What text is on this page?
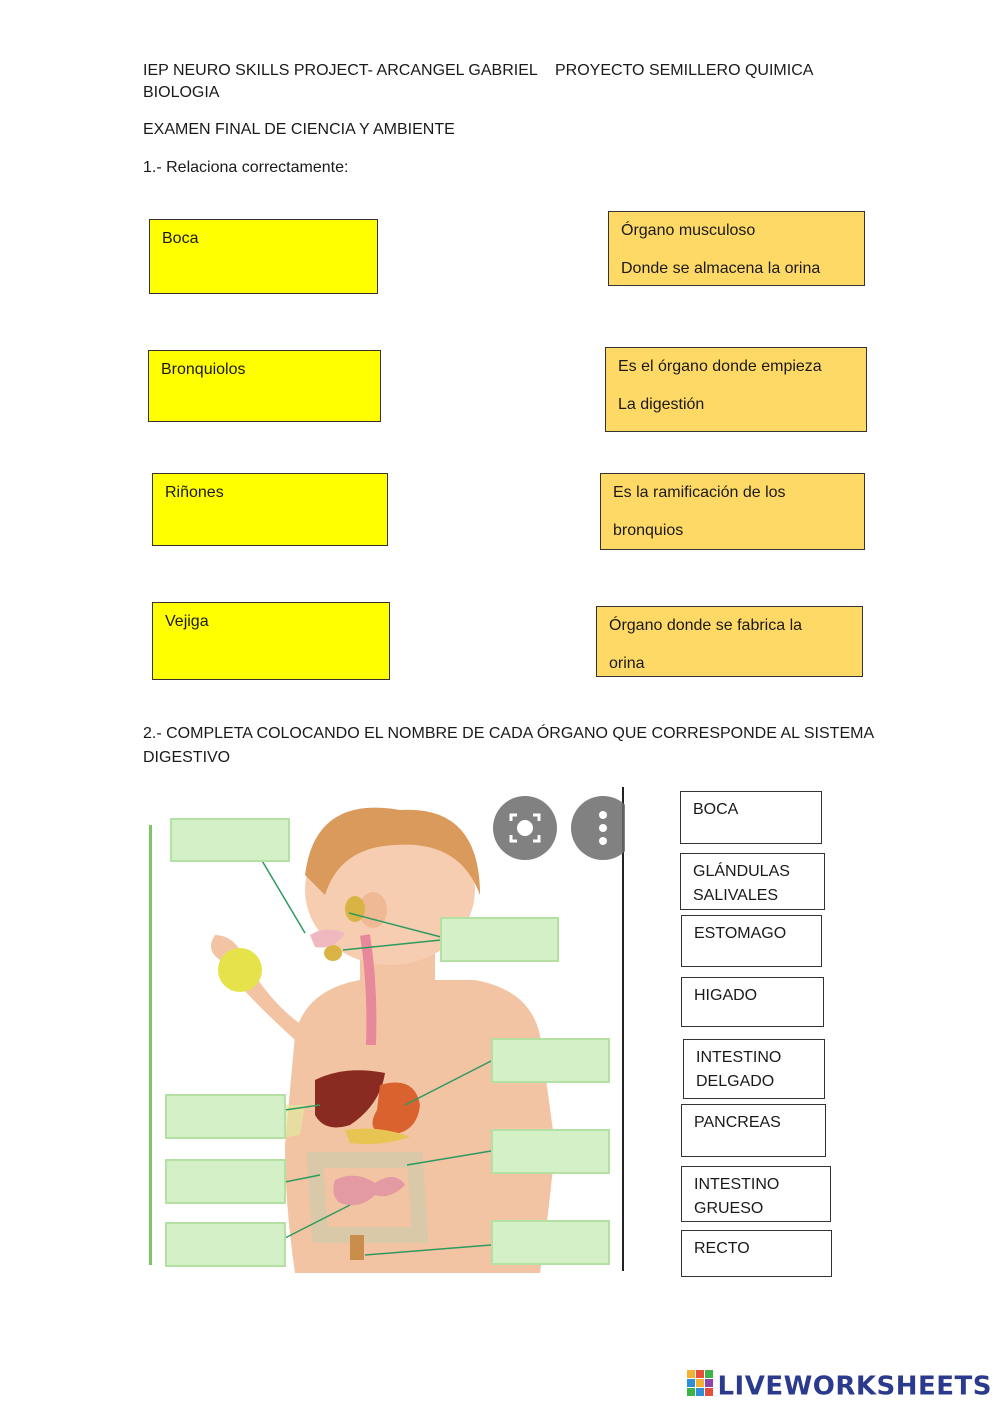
IEP NEURO SKILLS PROJECT- ARCANGEL GABRIEL PROYECTO SEMILLERO QUIMICA
BIOLOGIA
EXAMEN FINAL DE CIENCIA Y AMBIENTE
1.- Relaciona correctamente:
Boca
Bronquiolos
Riñones
Vejiga
Órgano musculoso
Donde se almacena la orina
Es el órgano donde empieza
La digestión
Es la ramificación de los
bronquios
Órgano donde se fabrica la
orina
2.- COMPLETA COLOCANDO EL NOMBRE DE CADA ÓRGANO QUE CORRESPONDE AL SISTEMA
DIGESTIVO
BOCA
GLÁNDULAS
SALIVALES
ESTOMAGO
HIGADO
INTESTINO
DELGADO
PANCREAS
INTESTINO
GRUESO
RECTO
LIVEWORKSHEETS
